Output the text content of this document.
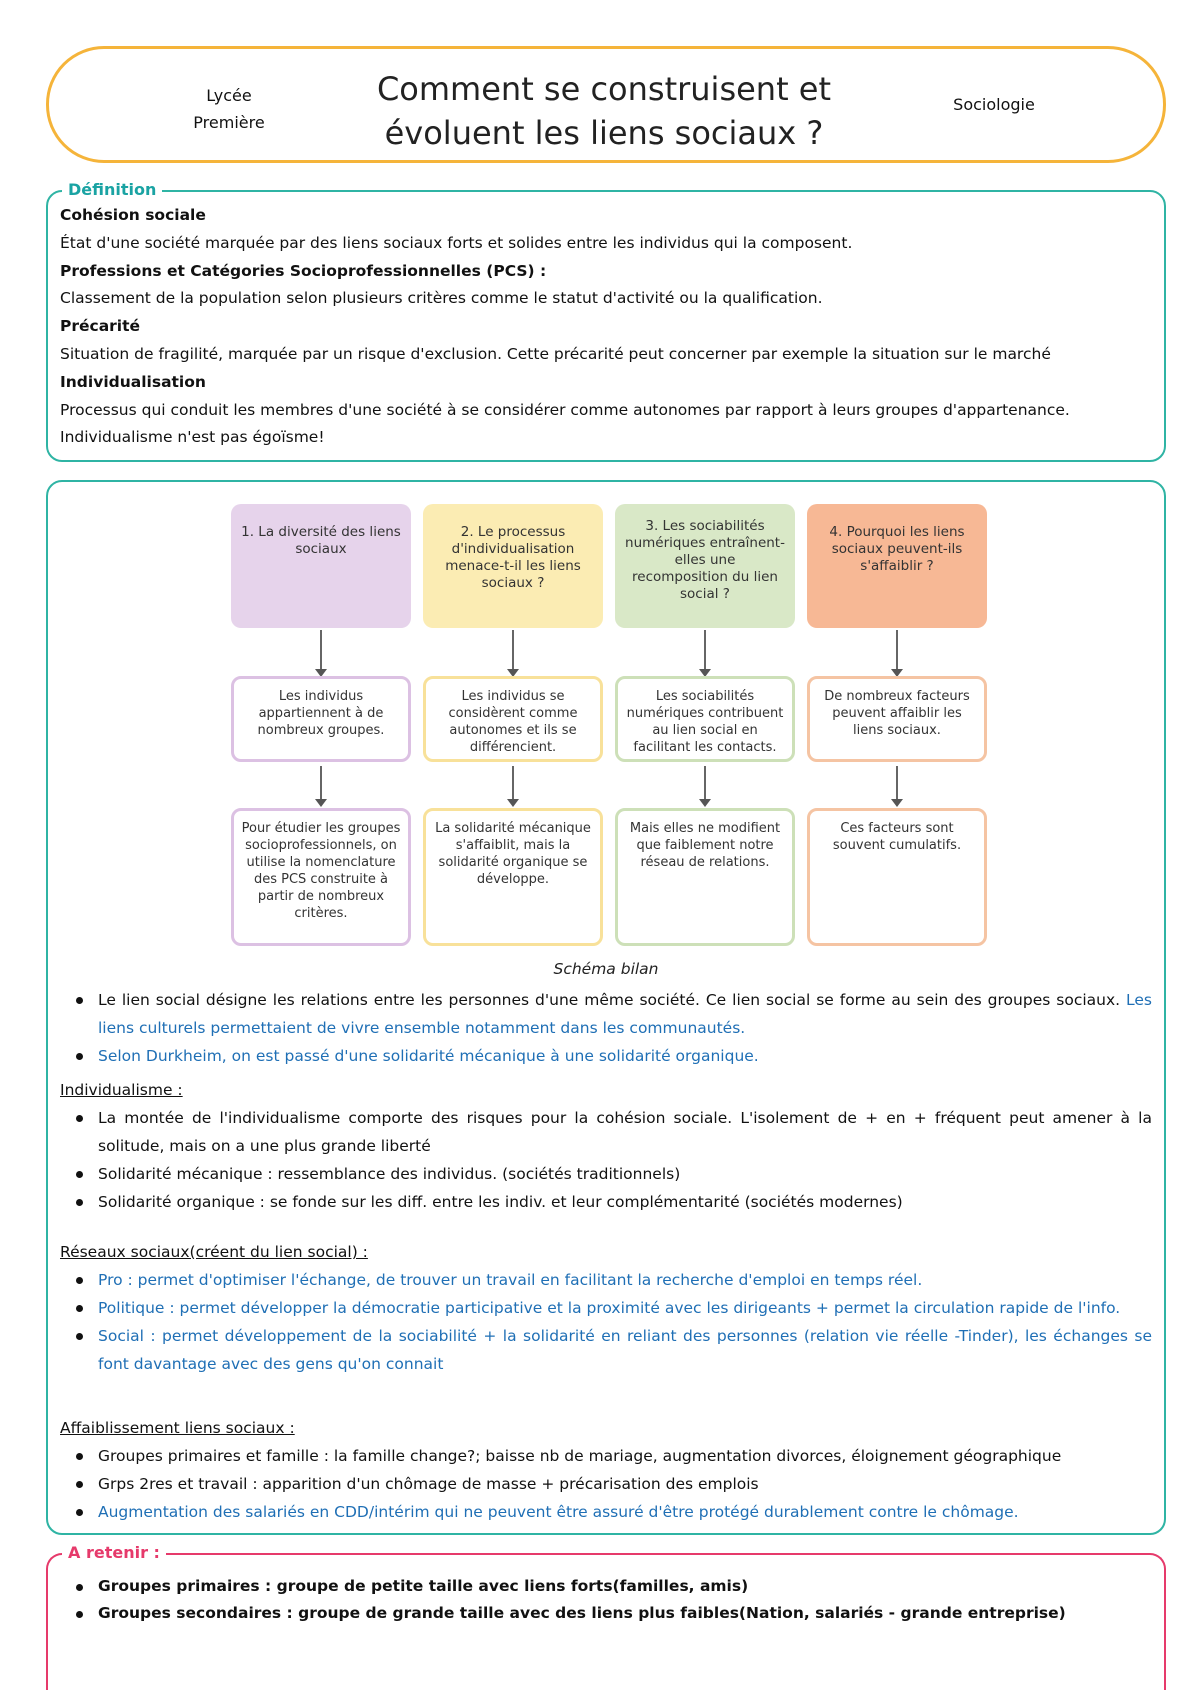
Lycée
Première
Comment se construisent et
évoluent les liens sociaux ?
Sociologie
Définition
Cohésion sociale
État d'une société marquée par des liens sociaux forts et solides entre les individus qui la composent.
Professions et Catégories Socioprofessionnelles (PCS) :
Classement de la population selon plusieurs critères comme le statut d'activité ou la qualification.
Précarité
Situation de fragilité, marquée par un risque d'exclusion. Cette précarité peut concerner par exemple la situation sur le marché
Individualisation
Processus qui conduit les membres d'une société à se considérer comme autonomes par rapport à leurs groupes d'appartenance.
Individualisme n'est pas égoïsme!
1. La diversité des liens sociaux
Les individus appartiennent à de nombreux groupes.
Pour étudier les groupes socioprofessionnels, on utilise la nomenclature des PCS construite à partir de nombreux critères.
2. Le processus d'individualisation menace-t-il les liens sociaux ?
Les individus se considèrent comme autonomes et ils se différencient.
La solidarité mécanique s'affaiblit, mais la solidarité organique se développe.
3. Les sociabilités numériques entraînent-elles une recomposition du lien social ?
Les sociabilités numériques contribuent au lien social en facilitant les contacts.
Mais elles ne modifient que faiblement notre réseau de relations.
4. Pourquoi les liens sociaux peuvent-ils s'affaiblir ?
De nombreux facteurs peuvent affaiblir les liens sociaux.
Ces facteurs sont souvent cumulatifs.
Schéma bilan
Le lien social désigne les relations entre les personnes d'une même société. Ce lien social se forme au sein des groupes sociaux. Les liens culturels permettaient de vivre ensemble notamment dans les communautés.
Selon Durkheim, on est passé d'une solidarité mécanique à une solidarité organique.
Individualisme :
La montée de l'individualisme comporte des risques pour la cohésion sociale. L'isolement de + en + fréquent peut amener à la solitude, mais on a une plus grande liberté
Solidarité mécanique : ressemblance des individus. (sociétés traditionnels)
Solidarité organique : se fonde sur les diff. entre les indiv. et leur complémentarité (sociétés modernes)
Réseaux sociaux(créent du lien social) :
Pro : permet d'optimiser l'échange, de trouver un travail en facilitant la recherche d'emploi en temps réel.
Politique : permet développer la démocratie participative et la proximité avec les dirigeants + permet la circulation rapide de l'info.
Social : permet développement de la sociabilité + la solidarité en reliant des personnes (relation vie réelle -Tinder), les échanges se font davantage avec des gens qu'on connait
Affaiblissement liens sociaux :
Groupes primaires et famille : la famille change?; baisse nb de mariage, augmentation divorces, éloignement géographique
Grps 2res et travail : apparition d'un chômage de masse + précarisation des emplois
Augmentation des salariés en CDD/intérim qui ne peuvent être assuré d'être protégé durablement contre le chômage.
A retenir :
Groupes primaires : groupe de petite taille avec liens forts(familles, amis)
Groupes secondaires : groupe de grande taille avec des liens plus faibles(Nation, salariés - grande entreprise)
